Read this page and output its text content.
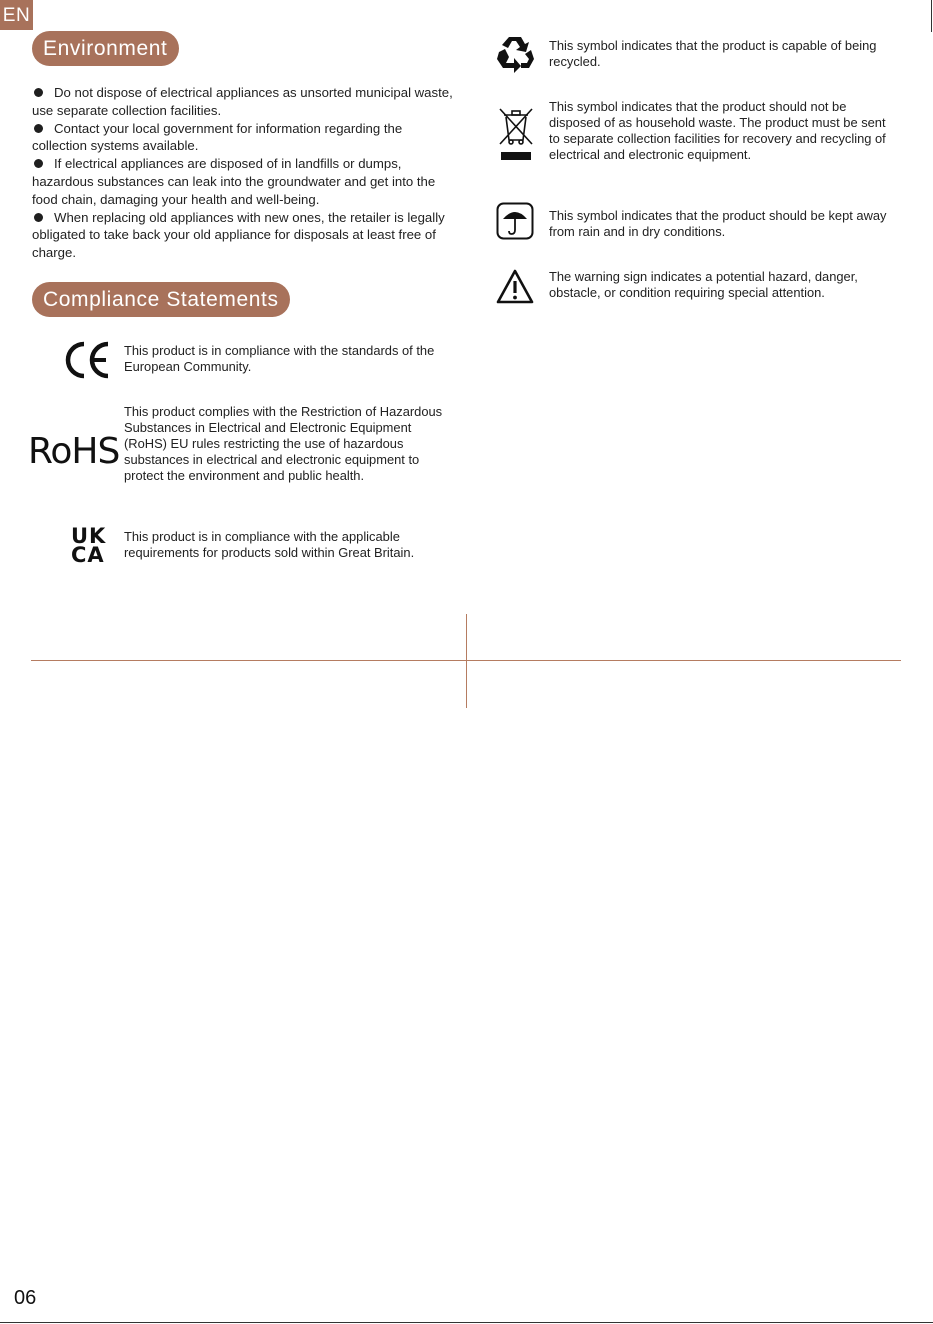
EN
Environment
Do not dispose of electrical appliances as unsorted municipal waste, use separate collection facilities.
Contact your local government for information regarding the collection systems available.
If electrical appliances are disposed of in landfills or dumps, hazardous substances can leak into the groundwater and get into the food chain, damaging your health and well-being.
When replacing old appliances with new ones, the retailer is legally obligated to take back your old appliance for disposals at least free of charge.
Compliance Statements
This product is in compliance with the standards of the European Community.
RoHS
This product complies with the Restriction of Hazardous Substances in Electrical and Electronic Equipment (RoHS) EU rules restricting the use of hazardous substances in electrical and electronic equipment to protect the environment and public health.
UK
CA
This product is in compliance with the applicable requirements for products sold within Great Britain.
This symbol indicates that the product is capable of being recycled.
This symbol indicates that the product should not be disposed of as household waste. The product must be sent to separate collection facilities for recovery and recycling of electrical and electronic equipment.
This symbol indicates that the product should be kept away from rain and in dry conditions.
The warning sign indicates a potential hazard, danger, obstacle, or condition requiring special attention.
06
